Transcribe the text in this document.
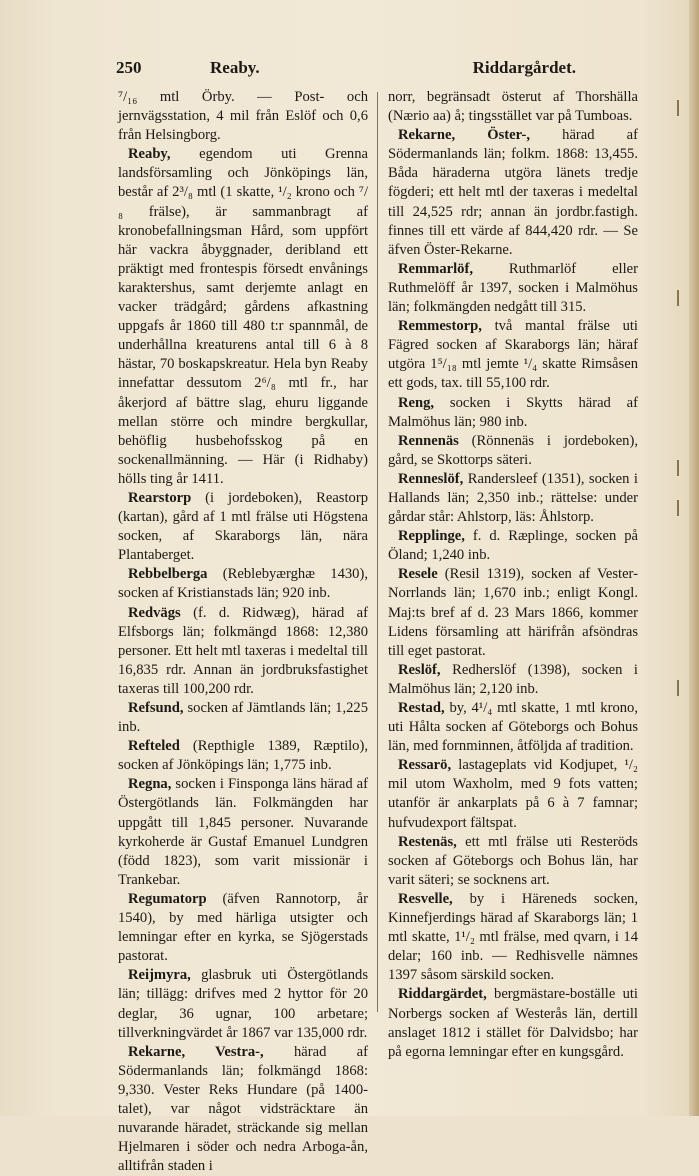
250	Reaby.	Riddargårdet.

⁷/₁₆ mtl Örby. — Post- och jernvägsstation, 4 mil från Eslöf och 0,6 från Helsingborg.

Reaby, egendom uti Grenna landsförsamling och Jönköpings län, består af 2³/₈ mtl (1 skatte, ¹/₂ krono och ⁷/₈ frälse), är sammanbragt af kronobefallningsman Hård, som uppfört här vackra åbyggnader, deribland ett präktigt med frontespis försedt envånings karaktershus, samt derjemte anlagt en vacker trädgård; gårdens afkastning uppgafs år 1860 till 480 t:r spannmål, de underhållna kreaturens antal till 6 à 8 hästar, 70 boskapskreatur. Hela byn Reaby innefattar dessutom 2⁶/₈ mtl fr., har åkerjord af bättre slag, ehuru liggande mellan större och mindre bergkullar, behöflig husbehofsskog på en sockenallmänning. — Här (i Ridhaby) hölls ting år 1411.

Rearstorp (i jordeboken), Reastorp (kartan), gård af 1 mtl frälse uti Högstena socken, af Skaraborgs län, nära Plantaberget.

Rebbelberga (Reblebyærghæ 1430), socken af Kristianstads län; 920 inb.

Redvägs (f. d. Ridwæg), härad af Elfsborgs län; folkmängd 1868: 12,380 personer. Ett helt mtl taxeras i medeltal till 16,835 rdr. Annan än jordbruksfastighet taxeras till 100,200 rdr.

Refsund, socken af Jämtlands län; 1,225 inb.

Refteled (Repthigle 1389, Ræptilo), socken af Jönköpings län; 1,775 inb.

Regna, socken i Finsponga läns härad af Östergötlands län. Folkmängden har uppgått till 1,845 personer. Nuvarande kyrkoherde är Gustaf Emanuel Lundgren (född 1823), som varit missionär i Trankebar.

Regumatorp (äfven Rannotorp, år 1540), by med härliga utsigter och lemningar efter en kyrka, se Sjögerstads pastorat.

Reijmyra, glasbruk uti Östergötlands län; tillägg: drifves med 2 hyttor för 20 deglar, 36 ugnar, 100 arbetare; tillverkningvärdet år 1867 var 135,000 rdr.

Rekarne, Vestra-, härad af Södermanlands län; folkmängd 1868: 9,330. Vester Reks Hundare (på 1400-talet), var något vidsträcktare än nuvarande häradet, sträckande sig mellan Hjelmaren i söder och nedra Arboga-ån, alltifrån staden i

norr, begränsadt österut af Thorshälla (Nærio aa) å; tingsstället var på Tumboas.

Rekarne, Öster-, härad af Södermanlands län; folkm. 1868: 13,455. Båda häraderna utgöra länets tredje fögderi; ett helt mtl der taxeras i medeltal till 24,525 rdr; annan än jordbr.fastigh. finnes till ett värde af 844,420 rdr. — Se äfven Öster-Rekarne.

Remmarlöf, Ruthmarlöf eller Ruthmelöff år 1397, socken i Malmöhus län; folkmängden nedgått till 315.

Remmestorp, två mantal frälse uti Fägred socken af Skaraborgs län; häraf utgöra 1⁵/₁₈ mtl jemte ¹/₄ skatte Rimsåsen ett gods, tax. till 55,100 rdr.

Reng, socken i Skytts härad af Malmöhus län; 980 inb.

Rennenäs (Rönnenäs i jordeboken), gård, se Skottorps säteri.

Renneslöf, Randersleef (1351), socken i Hallands län; 2,350 inb.; rättelse: under gårdar står: Ahlstorp, läs: Åhlstorp.

Repplinge, f. d. Ræplinge, socken på Öland; 1,240 inb.

Resele (Resil 1319), socken af Vester-Norrlands län; 1,670 inb.; enligt Kongl. Maj:ts bref af d. 23 Mars 1866, kommer Lidens församling att härifrån afsöndras till eget pastorat.

Reslöf, Redherslöf (1398), socken i Malmöhus län; 2,120 inb.

Restad, by, 4¹/₄ mtl skatte, 1 mtl krono, uti Hålta socken af Göteborgs och Bohus län, med fornminnen, åtföljda af tradition.

Ressarö, lastageplats vid Kodjupet, ¹/₂ mil utom Waxholm, med 9 fots vatten; utanför är ankarplats på 6 à 7 famnar; hufvudexport fältspat.

Restenäs, ett mtl frälse uti Resteröds socken af Göteborgs och Bohus län, har varit säteri; se socknens art.

Resvelle, by i Häreneds socken, Kinnefjerdings härad af Skaraborgs län; 1 mtl skatte, 1¹/₂ mtl frälse, med qvarn, i 14 delar; 160 inb. — Redhisvelle nämnes 1397 såsom särskild socken.

Riddargärdet, bergmästare-boställe uti Norbergs socken af Westerås län, dertill anslaget 1812 i stället för Dalvidsbo; har på egorna lemningar efter en kungsgård.
